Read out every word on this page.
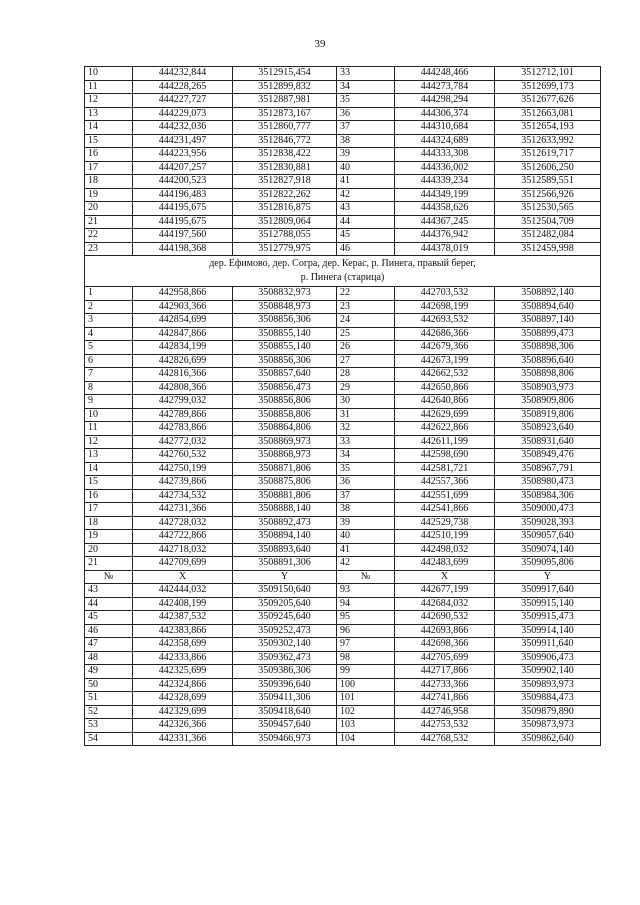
39
10	444232,844	3512915,454	33	444248,466	3512712,101
11	444228,265	3512899,832	34	444273,784	3512699,173
12	444227,727	3512887,981	35	444298,294	3512677,626
13	444229,073	3512873,167	36	444306,374	3512663,081
14	444232,036	3512860,777	37	444310,684	3512654,193
15	444231,497	3512846,772	38	444324,689	3512633,992
16	444223,956	3512838,422	39	444333,308	3512619,717
17	444207,257	3512830,881	40	444336,002	3512606,250
18	444200,523	3512827,918	41	444339,234	3512589,551
19	444196,483	3512822,262	42	444349,199	3512566,926
20	444195,675	3512816,875	43	444358,626	3512530,565
21	444195,675	3512809,064	44	444367,245	3512504,709
22	444197,560	3512788,055	45	444376,942	3512482,084
23	444198,368	3512779,975	46	444378,019	3512459,998

дер. Ефимово, дер. Согра, дер. Керас, р. Пинега, правый берег,
р. Пинега (старица)					

1	442958,866	3508832,973	22	442703,532	3508892,140
2	442903,366	3508848,973	23	442698,199	3508894,640
3	442854,699	3508856,306	24	442693,532	3508897,140
4	442847,866	3508855,140	25	442686,366	3508899,473
5	442834,199	3508855,140	26	442679,366	3508898,306
6	442826,699	3508856,306	27	442673,199	3508896,640
7	442816,366	3508857,640	28	442662,532	3508898,806
8	442808,366	3508856,473	29	442650,866	3508903,973
9	442799,032	3508856,806	30	442640,866	3508909,806
10	442789,866	3508858,806	31	442629,699	3508919,806
11	442783,866	3508864,806	32	442622,866	3508923,640
12	442772,032	3508869,973	33	442611,199	3508931,640
13	442760,532	3508868,973	34	442598,690	3508949,476
14	442750,199	3508871,806	35	442581,721	3508967,791
15	442739,866	3508875,806	36	442557,366	3508980,473
16	442734,532	3508881,806	37	442551,699	3508984,306
17	442731,366	3508888,140	38	442541,866	3509000,473
18	442728,032	3508892,473	39	442529,738	3509028,393
19	442722,866	3508894,140	40	442510,199	3509057,640
20	442718,032	3508893,640	41	442498,032	3509074,140
21	442709,699	3508891,306	42	442483,699	3509095,806
№	X	Y	№	X	Y
43	442444,032	3509150,640	93	442677,199	3509917,640
44	442408,199	3509205,640	94	442684,032	3509915,140
45	442387,532	3509245,640	95	442690,532	3509915,473
46	442383,866	3509252,473	96	442693,866	3509914,140
47	442358,699	3509302,140	97	442698,366	3509911,640
48	442333,866	3509362,473	98	442705,699	3509906,473
49	442325,699	3509386,306	99	442717,866	3509902,140
50	442324,866	3509396,640	100	442733,366	3509893,973
51	442328,699	3509411,306	101	442741,866	3509884,473
52	442329,699	3509418,640	102	442746,958	3509879,890
53	442326,366	3509457,640	103	442753,532	3509873,973
54	442331,366	3509466,973	104	442768,532	3509862,640
